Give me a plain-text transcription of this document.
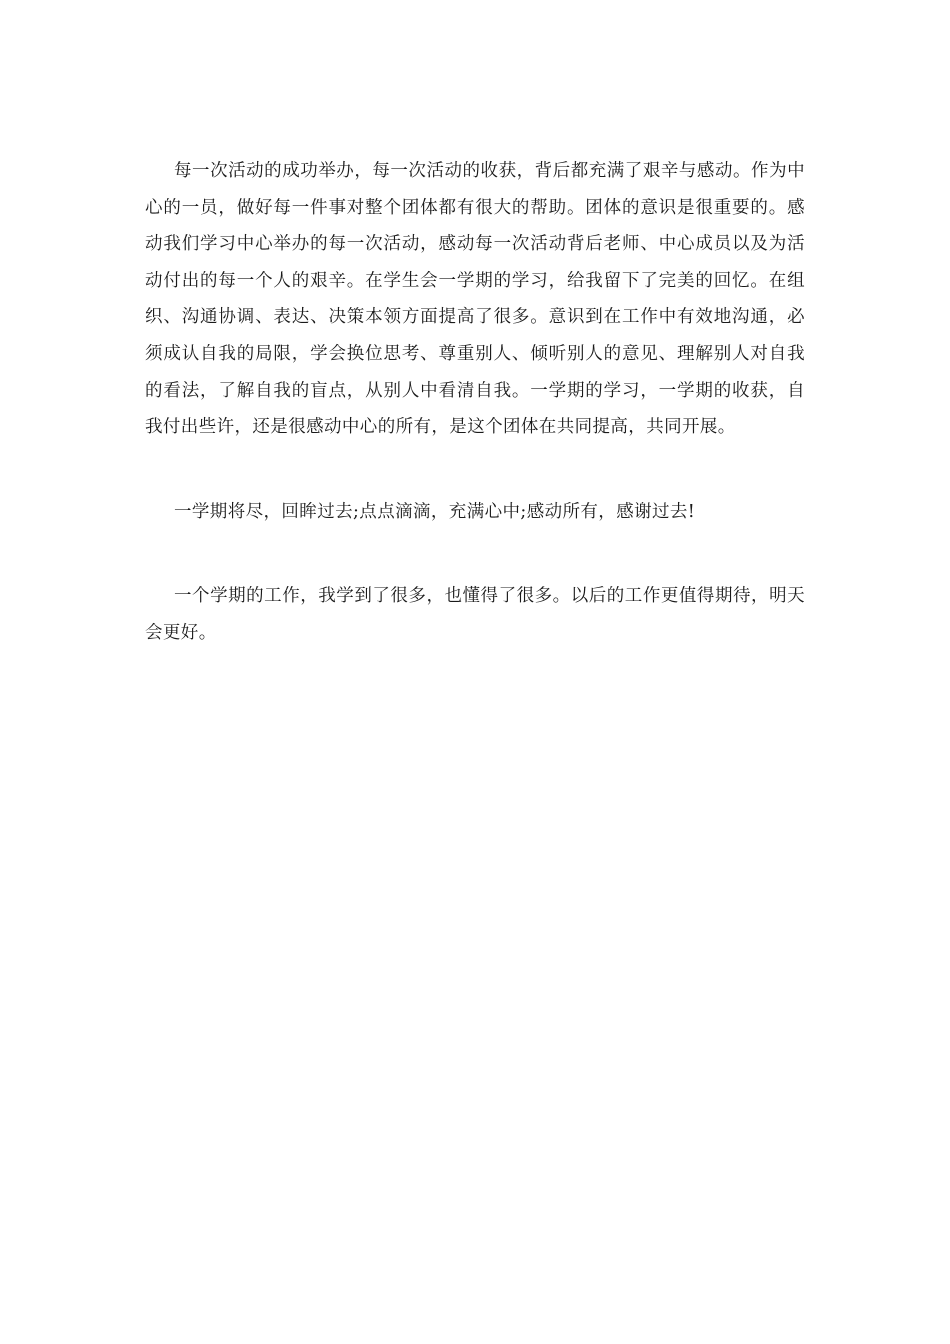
每一次活动的成功举办，每一次活动的收获，背后都充满了艰辛与感动。作为中心的一员，做好每一件事对整个团体都有很大的帮助。团体的意识是很重要的。感动我们学习中心举办的每一次活动，感动每一次活动背后老师、中心成员以及为活动付出的每一个人的艰辛。在学生会一学期的学习，给我留下了完美的回忆。在组织、沟通协调、表达、决策本领方面提高了很多。意识到在工作中有效地沟通，必须成认自我的局限，学会换位思考、尊重别人、倾听别人的意见、理解别人对自我的看法，了解自我的盲点，从别人中看清自我。一学期的学习，一学期的收获，自我付出些许，还是很感动中心的所有，是这个团体在共同提高，共同开展。

一学期将尽，回眸过去;点点滴滴，充满心中;感动所有，感谢过去!

一个学期的工作，我学到了很多，也懂得了很多。以后的工作更值得期待，明天会更好。
